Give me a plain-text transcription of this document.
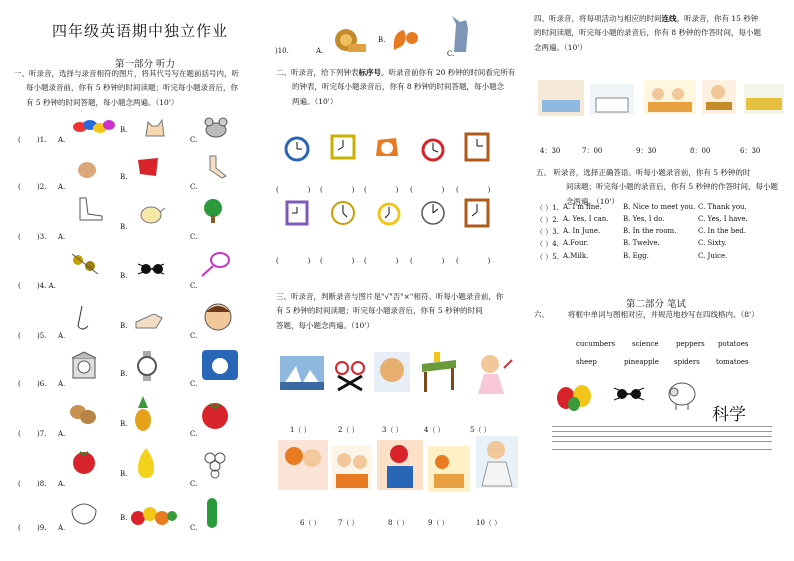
四年级英语期中独立作业
第一部分 听力
一、听录音，选择与录音相符的图片，将其代号写在题前括号内，听
每小题录音前，你有 5 秒钟的时间读题；听完每小题录音后，你
有 5 秒钟的时间答题，每小题念两遍。（10'）
( )1. A.
B.
C.
( )2. A.
B.
C.
( )3. A.
B.
C.
( )4. A.
B.
C.
( )5. A.
B.
C.
( )6. A.
B.
C.
( )7. A.
B.
C.
( )8. A.
B.
C.
( )9. A.
B.
C.
)10.	A.
B.
C.
二、听录音，给下列钟表标序号。听录音前你有 20 秒钟的时间看完所有
的钟表，听完每小题录音后，你有 8 秒钟的时间答题，每小题念
两遍。（10'）
(    ) (    ) (    ) (    ) (    )
(    ) (    ) (    ) (    ) (    )
三、听录音，判断录音与图片是"√"否"×"相符。听每小题录音前，你
有 5 秒钟的时间读题；听完每小题录音后，你有 5 秒钟的时间
答题，每小题念两遍。（10'）
1（ ）	2（ ）	3（ ）	4（ ）	5（ ）
6（ ） 7（ ）	8（ ）	9（ ）	10（ ）
四、听录音，将每项活动与相应的时间连线。听录音，你有 15 秒钟
的时间读题，听完每小题的录音后，你有 8 秒钟的作答时间，每小题
念两遍。（10'）
4：30	7：00	9：30	8：00	6：30
五、 听录音，选择正确答语。听每小题录音前，你有 5 秒钟的时
间读题；听完每小题的录音后，你有 5 秒钟的作答时间，每小题
念两遍。（10'）
（ ）1. A. I'm fine.	B. Nice to meet you. C. Thank you.
（ ）2. A. Yes, I can. B. Yes, I do.	C. Yes, I have.
（ ）3. A. In June.	B. In the room.	C. In the bed.
（ ）4. A.Four.	B. Twelve.	C. Sixty.
（ ）5. A.Milk.	B. Egg.	C. Juice.
第二部分 笔试
六、	将框中单词与图相对应，并规范地抄写在四线格内。（8'）
cucumbers science	peppers potatoes
sheep	pineapple spiders tomatoes
科学
